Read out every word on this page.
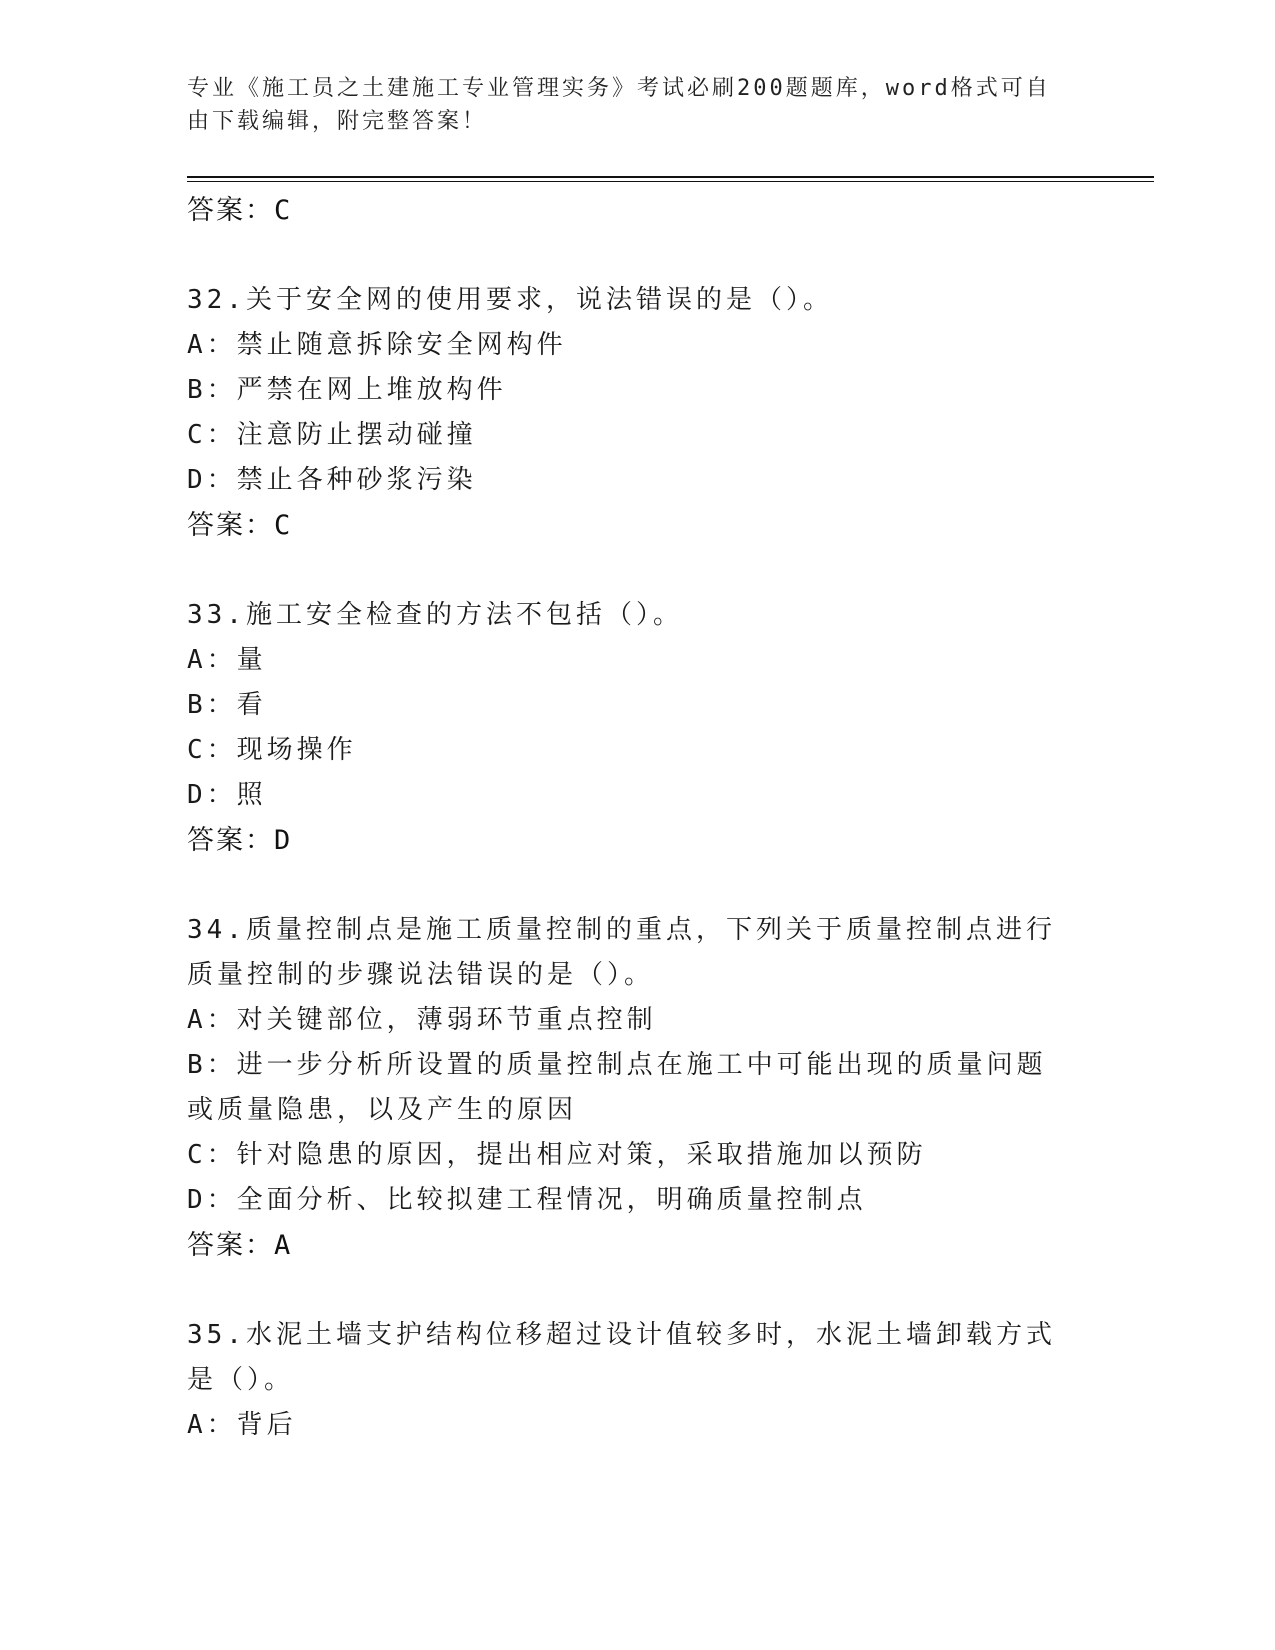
专业《施工员之土建施工专业管理实务》考试必刷200题题库，word格式可自由下载编辑，附完整答案！
答案：C
32.关于安全网的使用要求，说法错误的是（）。
A：禁止随意拆除安全网构件
B：严禁在网上堆放构件
C：注意防止摆动碰撞
D：禁止各种砂浆污染
答案：C
33.施工安全检查的方法不包括（）。
A：量
B：看
C：现场操作
D：照
答案：D
34.质量控制点是施工质量控制的重点，下列关于质量控制点进行质量控制的步骤说法错误的是（）。
A：对关键部位，薄弱环节重点控制
B：进一步分析所设置的质量控制点在施工中可能出现的质量问题或质量隐患，以及产生的原因
C：针对隐患的原因，提出相应对策，采取措施加以预防
D：全面分析、比较拟建工程情况，明确质量控制点
答案：A
35.水泥土墙支护结构位移超过设计值较多时，水泥土墙卸载方式是（）。
A：背后
